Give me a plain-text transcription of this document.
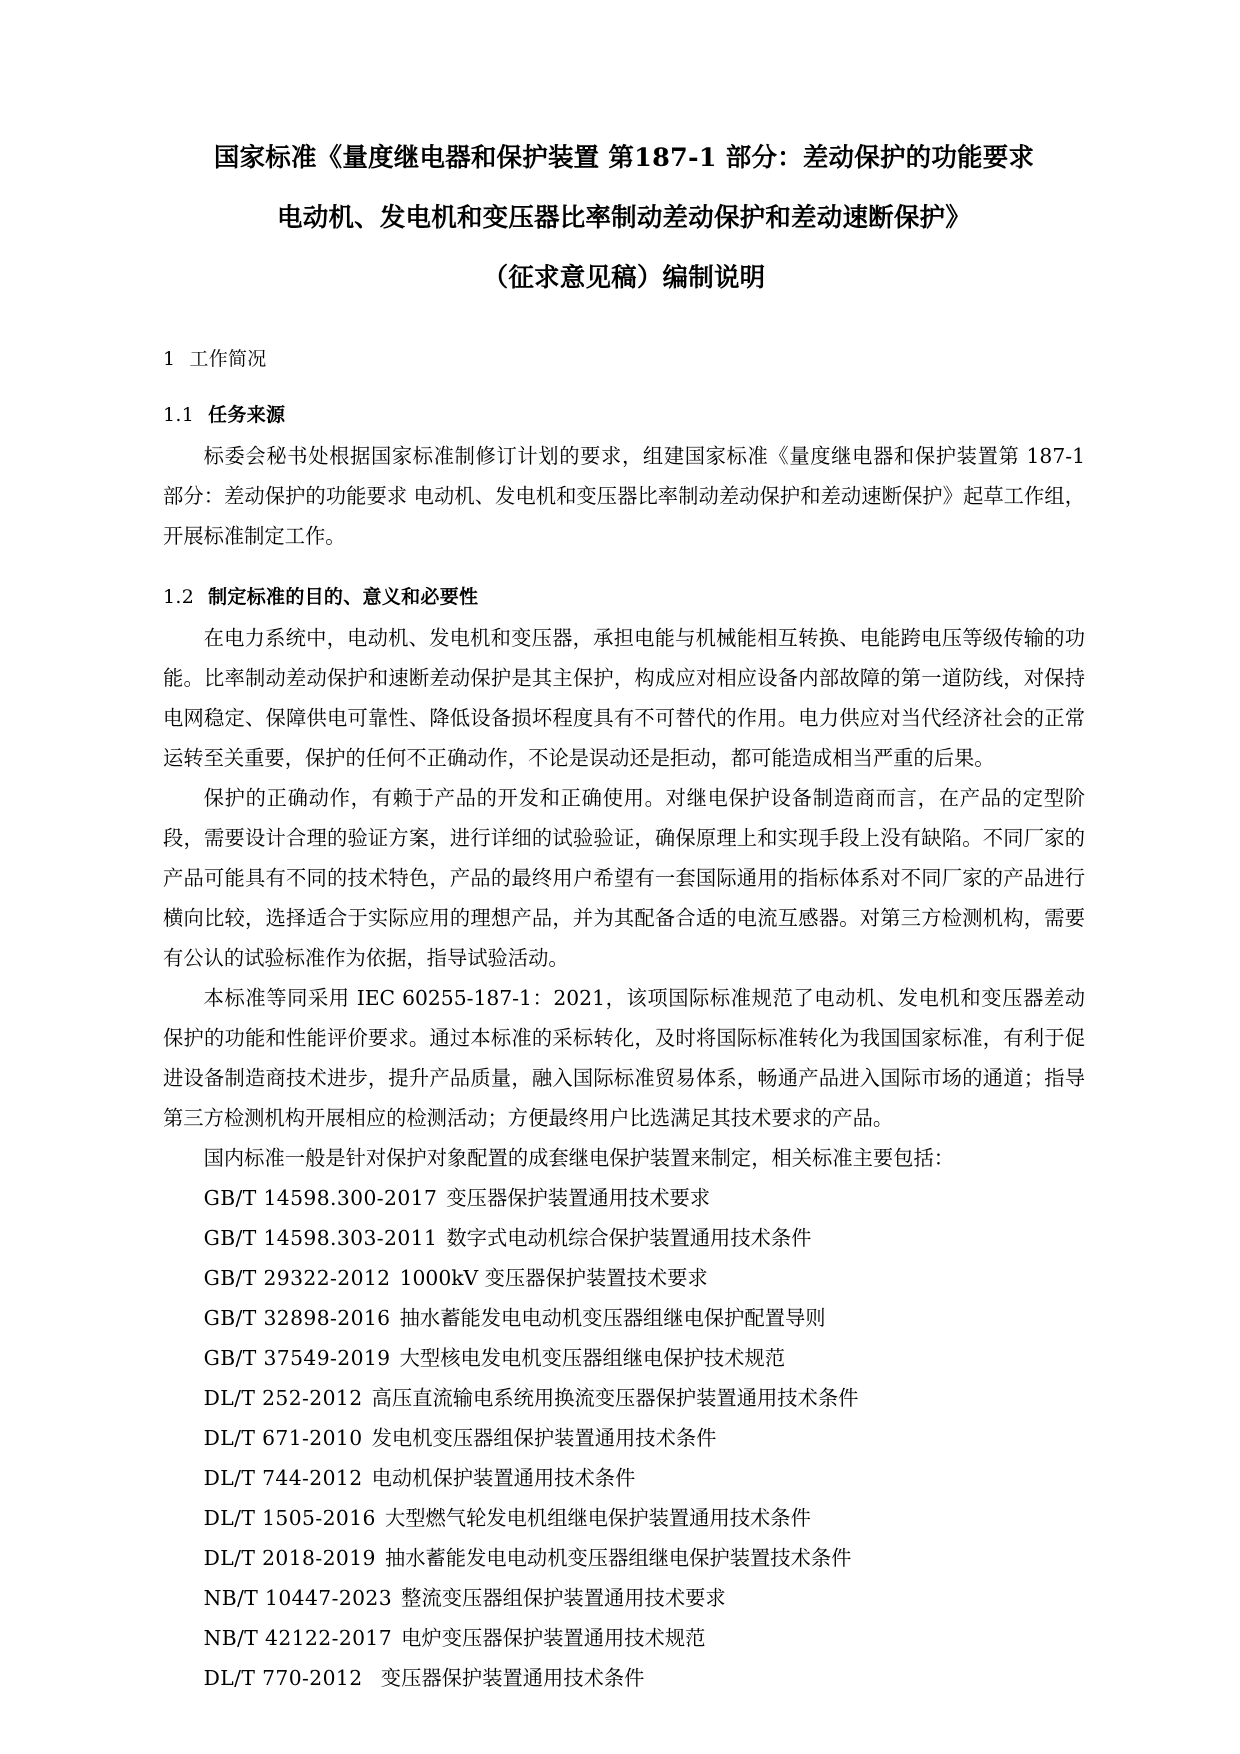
国家标准《量度继电器和保护装置 第187-1 部分：差动保护的功能要求
电动机、发电机和变压器比率制动差动保护和差动速断保护》
（征求意见稿）编制说明

1 工作简况

1.1 任务来源

标委会秘书处根据国家标准制修订计划的要求，组建国家标准《量度继电器和保护装置第 187-1 部分：差动保护的功能要求 电动机、发电机和变压器比率制动差动保护和差动速断保护》起草工作组，开展标准制定工作。

1.2 制定标准的目的、意义和必要性

在电力系统中，电动机、发电机和变压器，承担电能与机械能相互转换、电能跨电压等级传输的功能。比率制动差动保护和速断差动保护是其主保护，构成应对相应设备内部故障的第一道防线，对保持电网稳定、保障供电可靠性、降低设备损坏程度具有不可替代的作用。电力供应对当代经济社会的正常运转至关重要，保护的任何不正确动作，不论是误动还是拒动，都可能造成相当严重的后果。

保护的正确动作，有赖于产品的开发和正确使用。对继电保护设备制造商而言，在产品的定型阶段，需要设计合理的验证方案，进行详细的试验验证，确保原理上和实现手段上没有缺陷。不同厂家的产品可能具有不同的技术特色，产品的最终用户希望有一套国际通用的指标体系对不同厂家的产品进行横向比较，选择适合于实际应用的理想产品，并为其配备合适的电流互感器。对第三方检测机构，需要有公认的试验标准作为依据，指导试验活动。

本标准等同采用 IEC 60255-187-1：2021，该项国际标准规范了电动机、发电机和变压器差动保护的功能和性能评价要求。通过本标准的采标转化，及时将国际标准转化为我国国家标准，有利于促进设备制造商技术进步，提升产品质量，融入国际标准贸易体系，畅通产品进入国际市场的通道；指导第三方检测机构开展相应的检测活动；方便最终用户比选满足其技术要求的产品。

国内标准一般是针对保护对象配置的成套继电保护装置来制定，相关标准主要包括：

GB/T 14598.300-2017 变压器保护装置通用技术要求
GB/T 14598.303-2011 数字式电动机综合保护装置通用技术条件
GB/T 29322-2012 1000kV 变压器保护装置技术要求
GB/T 32898-2016 抽水蓄能发电电动机变压器组继电保护配置导则
GB/T 37549-2019 大型核电发电机变压器组继电保护技术规范
DL/T 252-2012 高压直流输电系统用换流变压器保护装置通用技术条件
DL/T 671-2010 发电机变压器组保护装置通用技术条件
DL/T 744-2012 电动机保护装置通用技术条件
DL/T 1505-2016 大型燃气轮发电机组继电保护装置通用技术条件
DL/T 2018-2019 抽水蓄能发电电动机变压器组继电保护装置技术条件
NB/T 10447-2023 整流变压器组保护装置通用技术要求
NB/T 42122-2017 电炉变压器保护装置通用技术规范
DL/T 770-2012 变压器保护装置通用技术条件
